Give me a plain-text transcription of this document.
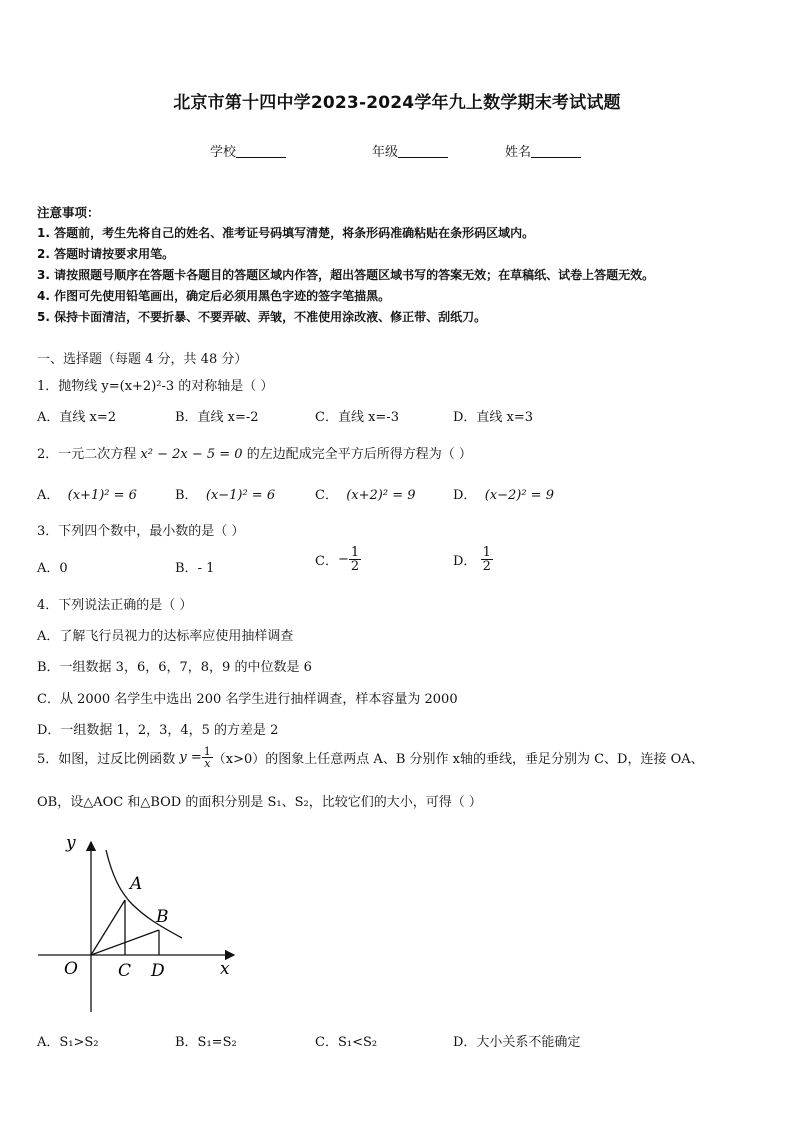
北京市第十四中学2023-2024学年九上数学期末考试试题
学校	年级	姓名
注意事项：
1. 答题前，考生先将自己的姓名、准考证号码填写清楚，将条形码准确粘贴在条形码区域内。
2. 答题时请按要求用笔。
3. 请按照题号顺序在答题卡各题目的答题区域内作答，超出答题区域书写的答案无效；在草稿纸、试卷上答题无效。
4. 作图可先使用铅笔画出，确定后必须用黑色字迹的签字笔描黑。
5. 保持卡面清洁，不要折暴、不要弄破、弄皱，不准使用涂改液、修正带、刮纸刀。
一、选择题（每题 4 分，共 48 分）
1．抛物线 y=(x+2)²-3 的对称轴是（ ）
A．直线 x=2	B．直线 x=-2	C．直线 x=-3	D．直线 x=3
2．一元二次方程 x² − 2x − 5 = 0 的左边配成完全平方后所得方程为（ ）
A． (x+1)² = 6	B． (x−1)² = 6	C． (x+2)² = 9	D． (x−2)² = 9
3．下列四个数中，最小数的是（ ）
A．0	B．- 1	C．− $\frac{1}{2}$	D． $\frac{1}{2}$
4．下列说法正确的是（ ）
A．了解飞行员视力的达标率应使用抽样调查
B．一组数据 3，6，6，7，8，9 的中位数是 6
C．从 2000 名学生中选出 200 名学生进行抽样调查，样本容量为 2000
D．一组数据 1，2，3，4，5 的方差是 2
5．如图，过反比例函数 $y = \frac{1}{x} (x>0)$的图象上任意两点 A、B 分别作 x轴的垂线，垂足分别为 C、D，连接 OA、
OB，设△AOC 和△BOD 的面积分别是 S₁、S₂，比较它们的大小，可得（ ）
y
x
O
A
B
C D
A．S₁>S₂	B．S₁=S₂	C．S₁<S₂	D．大小关系不能确定
